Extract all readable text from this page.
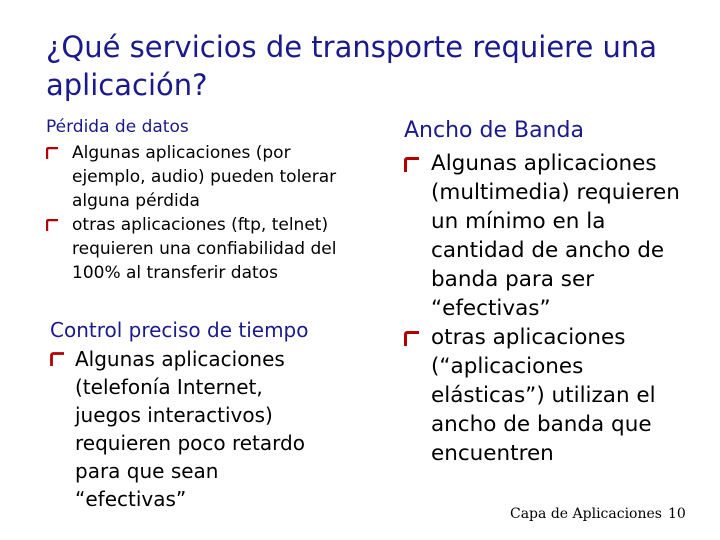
¿Qué servicios de transporte requiere una
aplicación?
Pérdida de datos
Algunas aplicaciones (por
ejemplo, audio) pueden tolerar
alguna pérdida
otras aplicaciones (ftp, telnet)
requieren una confiabilidad del
100% al transferir datos
Control preciso de tiempo
Algunas aplicaciones
(telefonía Internet,
juegos interactivos)
requieren poco retardo
para que sean
“efectivas”
Ancho de Banda
Algunas aplicaciones
(multimedia) requieren
un mínimo en la
cantidad de ancho de
banda para ser
“efectivas”
otras aplicaciones
(“aplicaciones
elásticas”) utilizan el
ancho de banda que
encuentren
Capa de Aplicaciones 10
